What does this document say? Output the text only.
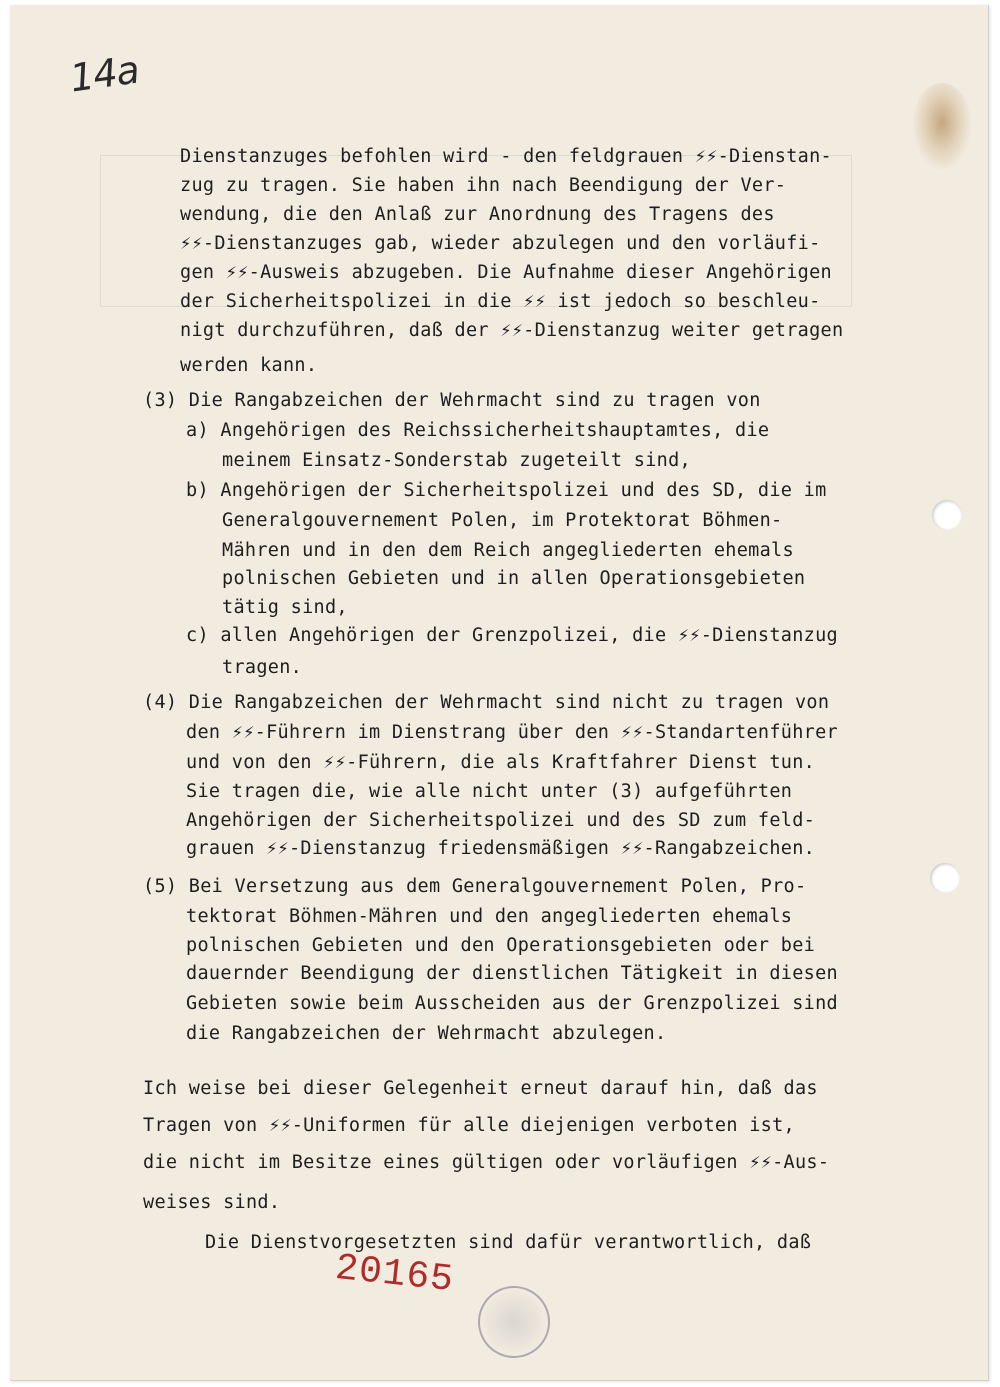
14a
Dienstanzuges befohlen wird - den feldgrauen ⚡⚡-Dienstan-
zug zu tragen. Sie haben ihn nach Beendigung der Ver-
wendung, die den Anlaß zur Anordnung des Tragens des
⚡⚡-Dienstanzuges gab, wieder abzulegen und den vorläufi-
gen ⚡⚡-Ausweis abzugeben. Die Aufnahme dieser Angehörigen
der Sicherheitspolizei in die ⚡⚡ ist jedoch so beschleu-
nigt durchzuführen, daß der ⚡⚡-Dienstanzug weiter getragen
werden kann.
(3) Die Rangabzeichen der Wehrmacht sind zu tragen von
a) Angehörigen des Reichssicherheitshauptamtes, die
meinem Einsatz-Sonderstab zugeteilt sind,
b) Angehörigen der Sicherheitspolizei und des SD, die im
Generalgouvernement Polen, im Protektorat Böhmen-
Mähren und in den dem Reich angegliederten ehemals
polnischen Gebieten und in allen Operationsgebieten
tätig sind,
c) allen Angehörigen der Grenzpolizei, die ⚡⚡-Dienstanzug
tragen.
(4) Die Rangabzeichen der Wehrmacht sind nicht zu tragen von
den ⚡⚡-Führern im Dienstrang über den ⚡⚡-Standartenführer
und von den ⚡⚡-Führern, die als Kraftfahrer Dienst tun.
Sie tragen die, wie alle nicht unter (3) aufgeführten
Angehörigen der Sicherheitspolizei und des SD zum feld-
grauen ⚡⚡-Dienstanzug friedensmäßigen ⚡⚡-Rangabzeichen.
(5) Bei Versetzung aus dem Generalgouvernement Polen, Pro-
tektorat Böhmen-Mähren und den angegliederten ehemals
polnischen Gebieten und den Operationsgebieten oder bei
dauernder Beendigung der dienstlichen Tätigkeit in diesen
Gebieten sowie beim Ausscheiden aus der Grenzpolizei sind
die Rangabzeichen der Wehrmacht abzulegen.
Ich weise bei dieser Gelegenheit erneut darauf hin, daß das
Tragen von ⚡⚡-Uniformen für alle diejenigen verboten ist,
die nicht im Besitze eines gültigen oder vorläufigen ⚡⚡-Aus-
weises sind.
Die Dienstvorgesetzten sind dafür verantwortlich, daß
20165
